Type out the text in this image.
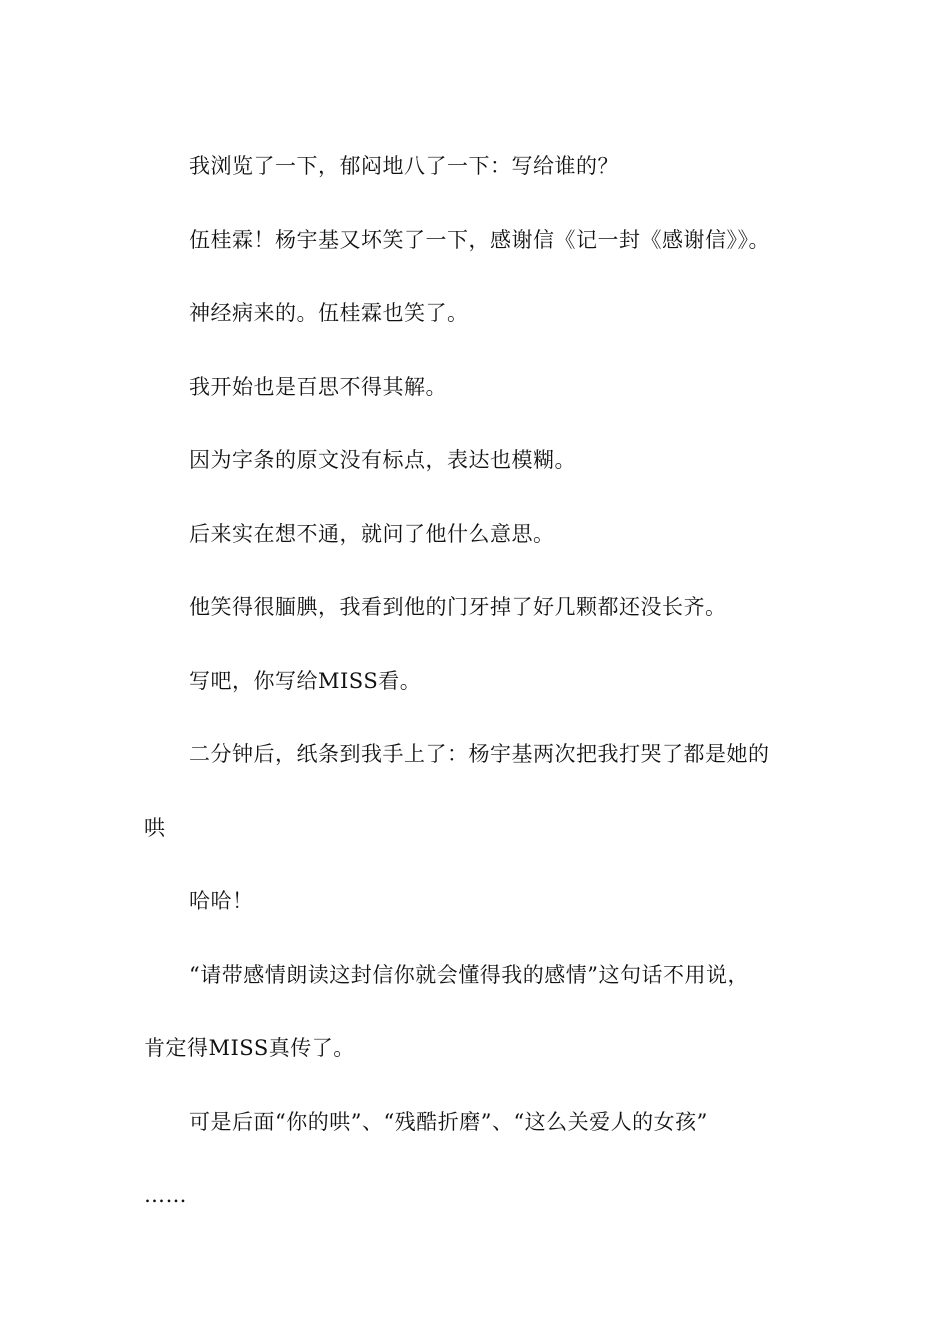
我浏览了一下，郁闷地八了一下：写给谁的？

伍桂霖！杨宇基又坏笑了一下，感谢信《记一封《感谢信》》。

神经病来的。伍桂霖也笑了。

我开始也是百思不得其解。

因为字条的原文没有标点，表达也模糊。

后来实在想不通，就问了他什么意思。

他笑得很腼腆，我看到他的门牙掉了好几颗都还没长齐。

写吧，你写给MISS看。

二分钟后，纸条到我手上了：杨宇基两次把我打哭了都是她的

哄

哈哈！

“请带感情朗读这封信你就会懂得我的感情”这句话不用说，

肯定得MISS真传了。

可是后面“你的哄”、“残酷折磨”、“这么关爱人的女孩”

……
